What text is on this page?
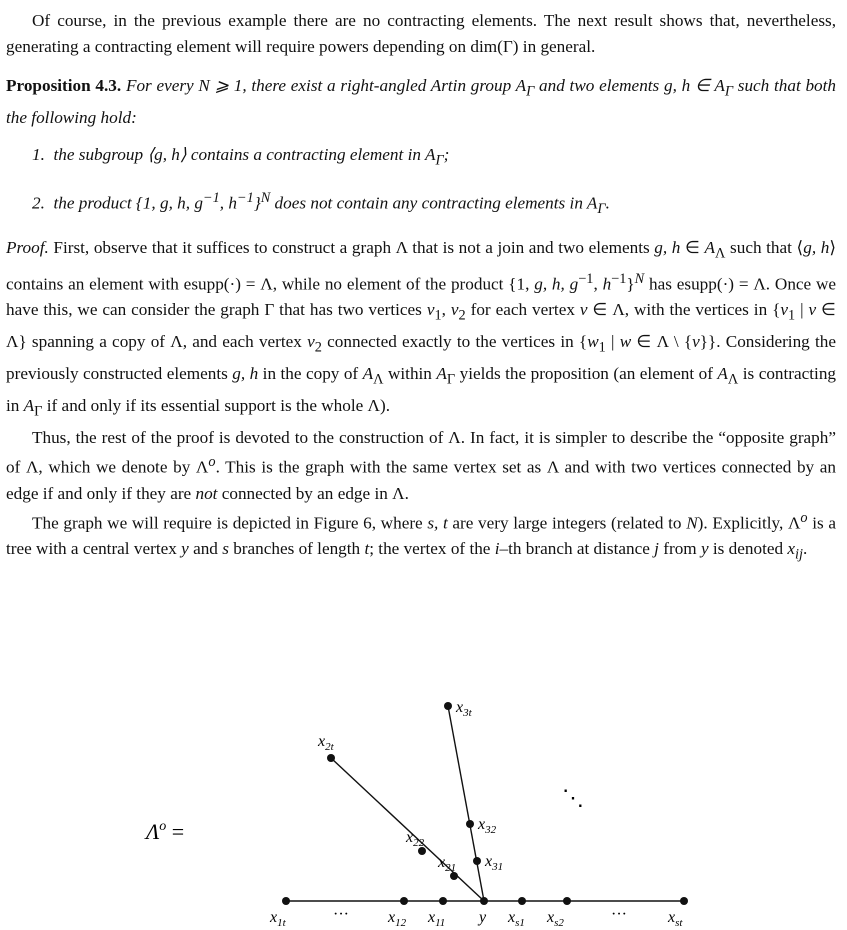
Of course, in the previous example there are no contracting elements. The next result shows that, nevertheless, generating a contracting element will require powers depending on dim(Γ) in general.

Proposition 4.3. For every N ⩾ 1, there exist a right-angled Artin group $A_\Gamma$ and two elements g, h ∈ $A_\Gamma$ such that both the following hold:

1.  the subgroup ⟨g, h⟩ contains a contracting element in $A_\Gamma$;
2.  the product {1, g, h, $g^{-1}$, $h^{-1}\}^N$ does not contain any contracting elements in $A_\Gamma$.

Proof. First, observe that it suffices to construct a graph Λ that is not a join and two elements g, h ∈ $A_\Lambda$ such that ⟨g, h⟩ contains an element with esupp(·) = Λ, while no element of the product {1, g, h, $g^{-1}$, $h^{-1}\}^N$ has esupp(·) = Λ. Once we have this, we can consider the graph Γ that has two vertices $v_1$, $v_2$ for each vertex v ∈ Λ, with the vertices in {$v_1$ | v ∈ Λ} spanning a copy of Λ, and each vertex $v_2$ connected exactly to the vertices in {$w_1$ | w ∈ Λ \ {v}}. Considering the previously constructed elements g, h in the copy of $A_\Lambda$ within $A_\Gamma$ yields the proposition (an element of $A_\Lambda$ is contracting in $A_\Gamma$ if and only if its essential support is the whole Λ).

Thus, the rest of the proof is devoted to the construction of Λ. In fact, it is simpler to describe the “opposite graph” of Λ, which we denote by $\Lambda^o$. This is the graph with the same vertex set as Λ and with two vertices connected by an edge if and only if they are not connected by an edge in Λ.

The graph we will require is depicted in Figure 6, where s, t are very large integers (related to N). Explicitly, $\Lambda^o$ is a tree with a central vertex y and s branches of length t; the vertex of the i–th branch at distance j from y is denoted $x_{ij}$.

$\Lambda^o$ =
$x_{3t}$
$x_{2t}$
$x_{32}$
$x_{31}$
$x_{22}$
$x_{21}$
⋱
$x_{1t}$	··· $x_{12}$ $x_{11}$ y $x_{s1}$ $x_{s2}$	···	$x_{st}$
